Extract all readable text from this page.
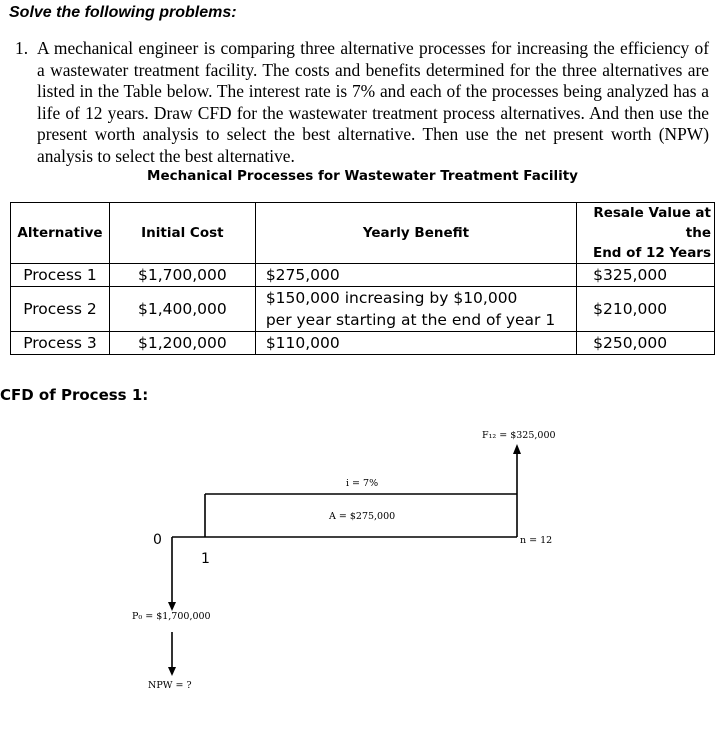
Solve the following problems:
1. A mechanical engineer is comparing three alternative processes for increasing the efficiency of a wastewater treatment facility. The costs and benefits determined for the three alternatives are listed in the Table below. The interest rate is 7% and each of the processes being analyzed has a life of 12 years. Draw CFD for the wastewater treatment process alternatives. And then use the present worth analysis to select the best alternative. Then use the net present worth (NPW) analysis to select the best alternative.
Mechanical Processes for Wastewater Treatment Facility
Alternative	Initial Cost	Yearly Benefit	Resale Value at the
End of 12 Years

Process 1	$1,700,000	$275,000	$325,000
Process 2	$1,400,000	$150,000 increasing by $10,000
per year starting at the end of year 1	$210,000
Process 3	$1,200,000	$110,000	$250,000
CFD of Process 1:
F₁₂ = $325,000
i = 7%
A = $275,000
n = 12
0
1
P₀ = $1,700,000
NPW = ?
